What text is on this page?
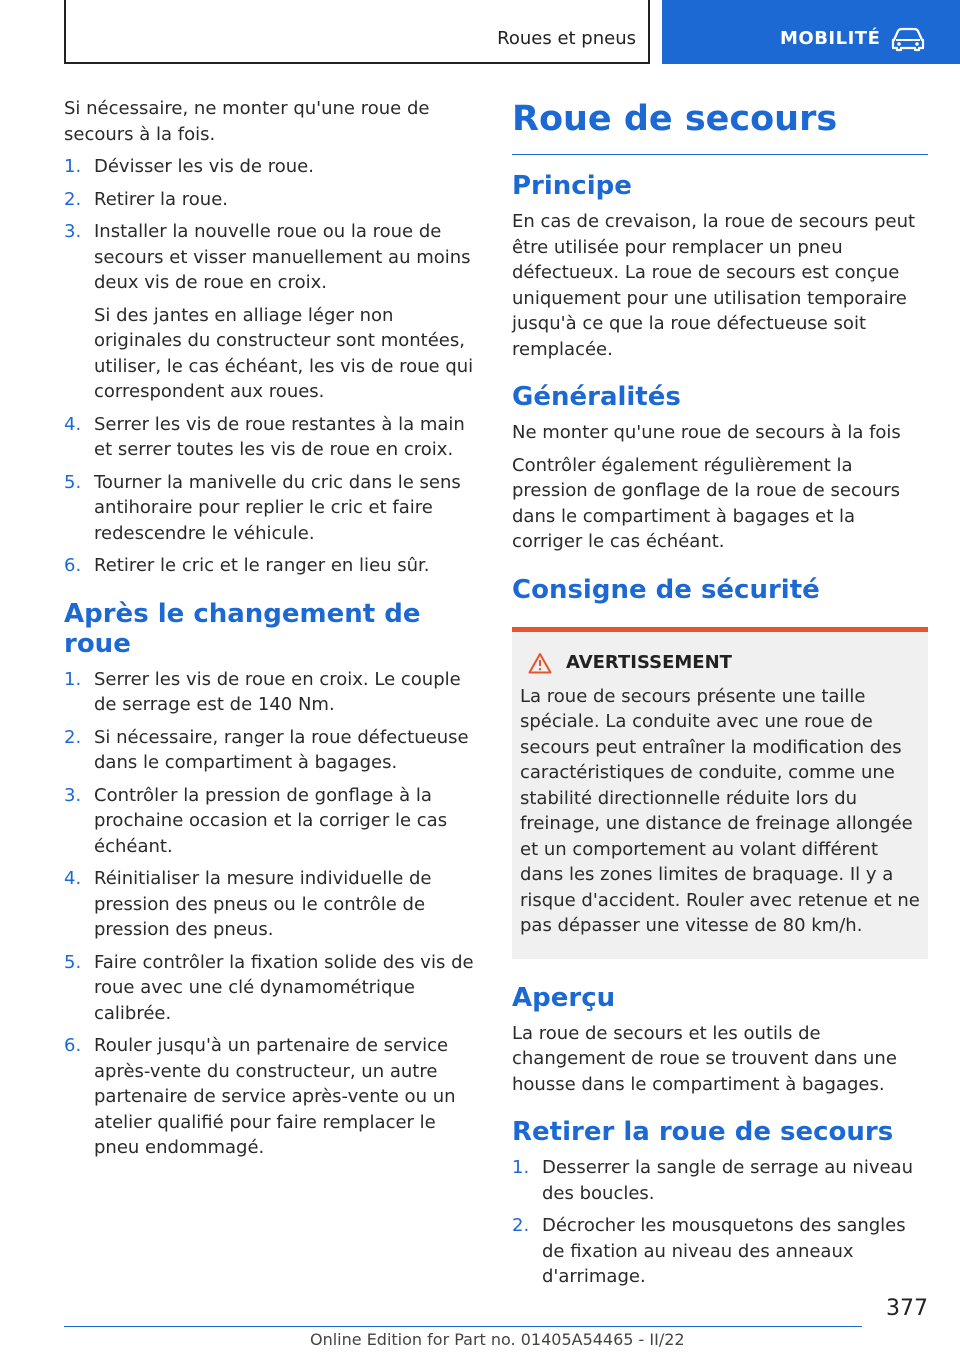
Roues et pneus	MOBILITÉ

Si nécessaire, ne monter qu'une roue de secours à la fois.

1. Dévisser les vis de roue.
2. Retirer la roue.
3. Installer la nouvelle roue ou la roue de secours et visser manuellement au moins deux vis de roue en croix.
Si des jantes en alliage léger non originales du constructeur sont montées, utiliser, le cas échéant, les vis de roue qui correspondent aux roues.
4. Serrer les vis de roue restantes à la main et serrer toutes les vis de roue en croix.
5. Tourner la manivelle du cric dans le sens antihoraire pour replier le cric et faire redescendre le véhicule.
6. Retirer le cric et le ranger en lieu sûr.
Après le changement de roue
1. Serrer les vis de roue en croix. Le couple de serrage est de 140 Nm.
2. Si nécessaire, ranger la roue défectueuse dans le compartiment à bagages.
3. Contrôler la pression de gonflage à la prochaine occasion et la corriger le cas échéant.
4. Réinitialiser la mesure individuelle de pression des pneus ou le contrôle de pression des pneus.
5. Faire contrôler la fixation solide des vis de roue avec une clé dynamométrique calibrée.
6. Rouler jusqu'à un partenaire de service après-vente du constructeur, un autre partenaire de service après-vente ou un atelier qualifié pour faire remplacer le pneu endommagé.
Roue de secours
Principe

En cas de crevaison, la roue de secours peut être utilisée pour remplacer un pneu défectueux. La roue de secours est conçue uniquement pour une utilisation temporaire jusqu'à ce que la roue défectueuse soit remplacée.

Généralités

Ne monter qu'une roue de secours à la fois

Contrôler également régulièrement la pression de gonflage de la roue de secours dans le compartiment à bagages et la corriger le cas échéant.

Consigne de sécurité
AVERTISSEMENT

La roue de secours présente une taille spéciale. La conduite avec une roue de secours peut entraîner la modification des caractéristiques de conduite, comme une stabilité directionnelle réduite lors du freinage, une distance de freinage allongée et un comportement au volant différent dans les zones limites de braquage. Il y a risque d'accident. Rouler avec retenue et ne pas dépasser une vitesse de 80 km/h.

Aperçu

La roue de secours et les outils de changement de roue se trouvent dans une housse dans le compartiment à bagages.

Retirer la roue de secours
1. Desserrer la sangle de serrage au niveau des boucles.
2. Décrocher les mousquetons des sangles de fixation au niveau des anneaux d'arrimage.
377
Online Edition for Part no. 01405A54465 - II/22
